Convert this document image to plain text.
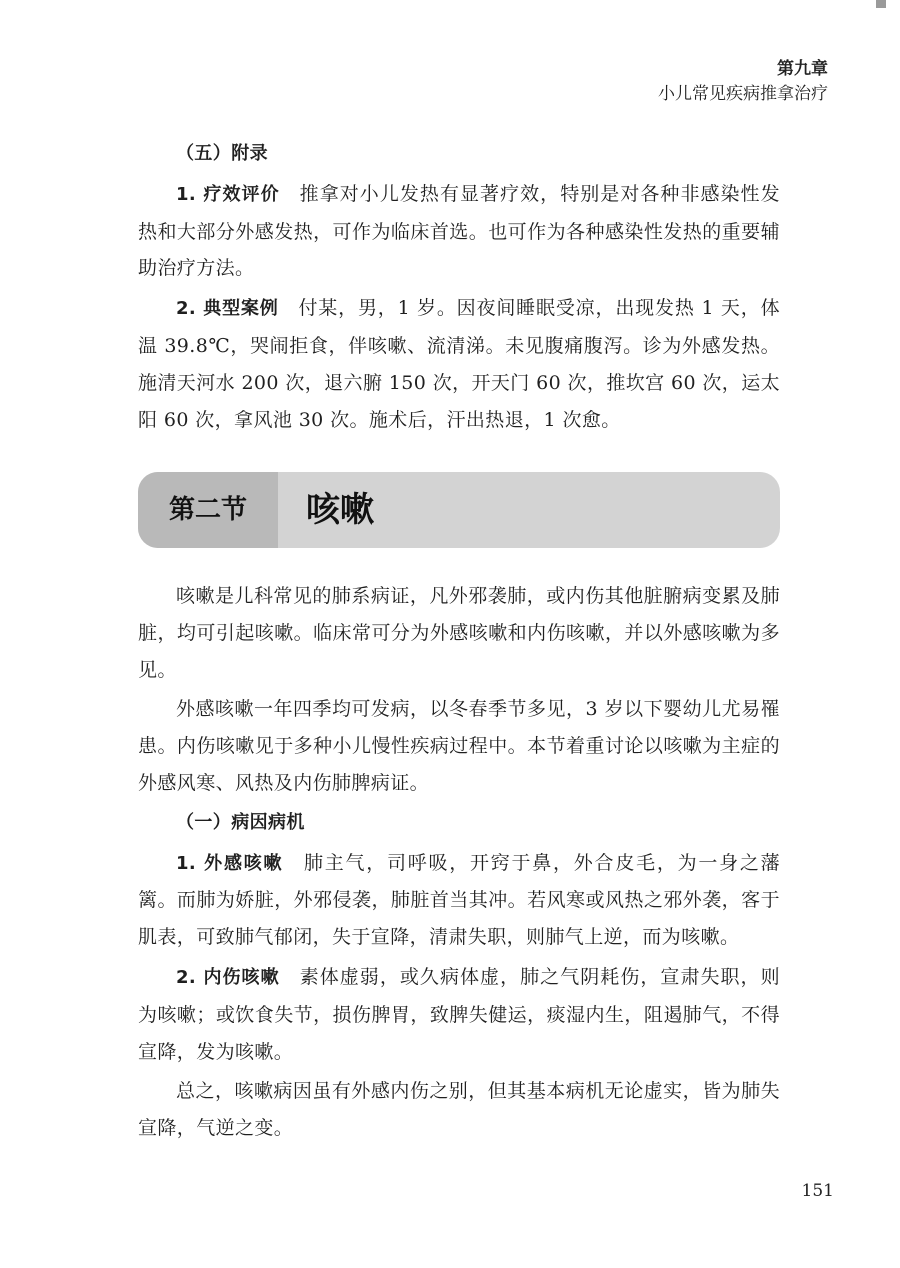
第九章
小儿常见疾病推拿治疗

（五）附录

1. 疗效评价  推拿对小儿发热有显著疗效，特别是对各种非感染性发热和大部分外感发热，可作为临床首选。也可作为各种感染性发热的重要辅助治疗方法。

2. 典型案例  付某，男，1 岁。因夜间睡眠受凉，出现发热 1 天，体温 39.8℃，哭闹拒食，伴咳嗽、流清涕。未见腹痛腹泻。诊为外感发热。施清天河水 200 次，退六腑 150 次，开天门 60 次，推坎宫 60 次，运太阳 60 次，拿风池 30 次。施术后，汗出热退，1 次愈。

第二节	咳嗽

咳嗽是儿科常见的肺系病证，凡外邪袭肺，或内伤其他脏腑病变累及肺脏，均可引起咳嗽。临床常可分为外感咳嗽和内伤咳嗽，并以外感咳嗽为多见。

外感咳嗽一年四季均可发病，以冬春季节多见，3 岁以下婴幼儿尤易罹患。内伤咳嗽见于多种小儿慢性疾病过程中。本节着重讨论以咳嗽为主症的外感风寒、风热及内伤肺脾病证。

（一）病因病机

1. 外感咳嗽  肺主气，司呼吸，开窍于鼻，外合皮毛，为一身之藩篱。而肺为娇脏，外邪侵袭，肺脏首当其冲。若风寒或风热之邪外袭，客于肌表，可致肺气郁闭，失于宣降，清肃失职，则肺气上逆，而为咳嗽。

2. 内伤咳嗽  素体虚弱，或久病体虚，肺之气阴耗伤，宣肃失职，则为咳嗽；或饮食失节，损伤脾胃，致脾失健运，痰湿内生，阻遏肺气，不得宣降，发为咳嗽。

总之，咳嗽病因虽有外感内伤之别，但其基本病机无论虚实，皆为肺失宣降，气逆之变。

151
